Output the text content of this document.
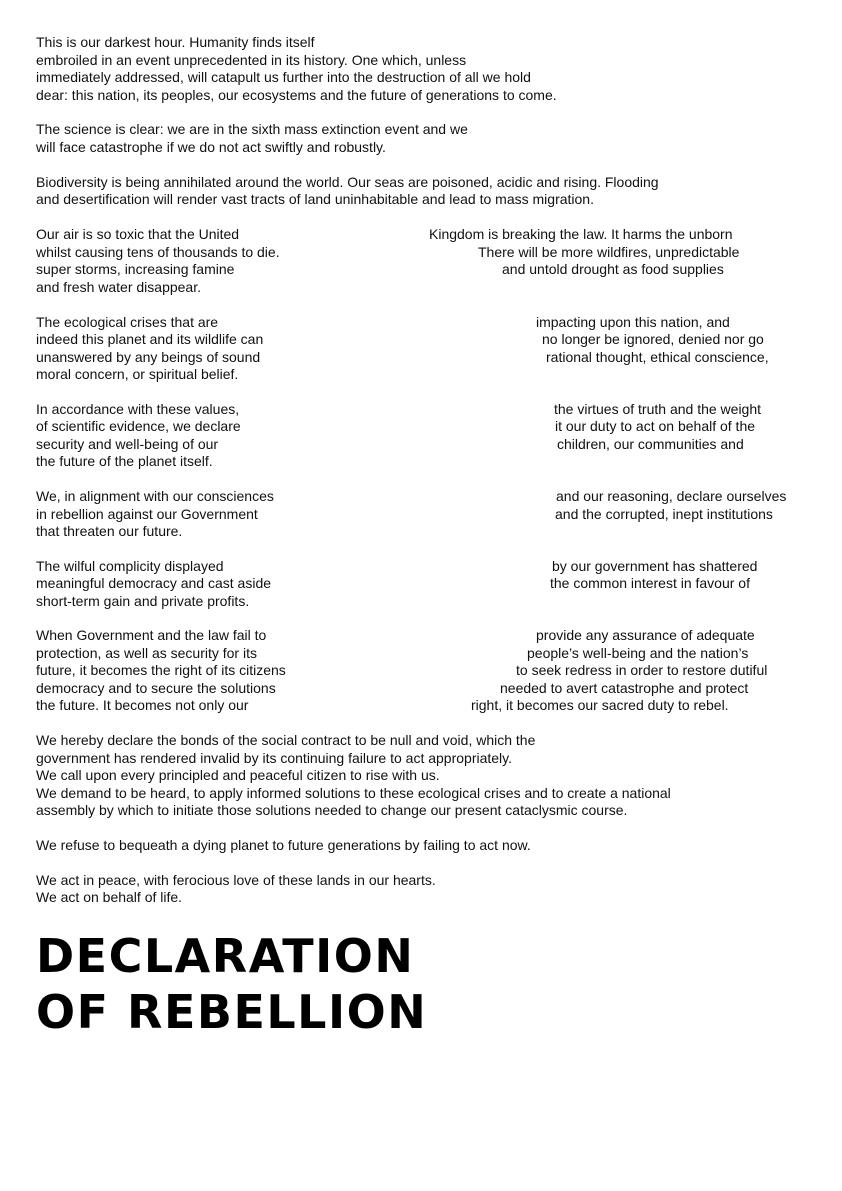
This is our darkest hour. Humanity finds itself
embroiled in an event unprecedented in its history. One which, unless
immediately addressed, will catapult us further into the destruction of all we hold
dear: this nation, its peoples, our ecosystems and the future of generations to come.
The science is clear: we are in the sixth mass extinction event and we
will face catastrophe if we do not act swiftly and robustly.
Biodiversity is being annihilated around the world. Our seas are poisoned, acidic and rising. Flooding
and desertification will render vast tracts of land uninhabitable and lead to mass migration.
Our air is so toxic that the United	Kingdom is breaking the law. It harms the unborn
whilst causing tens of thousands to die.	There will be more wildfires, unpredictable
super storms, increasing famine	and untold drought as food supplies
and fresh water disappear.
The ecological crises that are	impacting upon this nation, and
indeed this planet and its wildlife can	no longer be ignored, denied nor go
unanswered by any beings of sound	rational thought, ethical conscience,
moral concern, or spiritual belief.
In accordance with these values,	the virtues of truth and the weight
of scientific evidence, we declare	it our duty to act on behalf of the
security and well-being of our	children, our communities and
the future of the planet itself.
We, in alignment with our consciences	and our reasoning, declare ourselves
in rebellion against our Government	and the corrupted, inept institutions
that threaten our future.
The wilful complicity displayed	by our government has shattered
meaningful democracy and cast aside	the common interest in favour of
short-term gain and private profits.
When Government and the law fail to	provide any assurance of adequate
protection, as well as security for its	people’s well-being and the nation’s
future, it becomes the right of its citizens	to seek redress in order to restore dutiful
democracy and to secure the solutions	needed to avert catastrophe and protect
the future. It becomes not only our	right, it becomes our sacred duty to rebel.
We hereby declare the bonds of the social contract to be null and void, which the
government has rendered invalid by its continuing failure to act appropriately.
We call upon every principled and peaceful citizen to rise with us.
We demand to be heard, to apply informed solutions to these ecological crises and to create a national
assembly by which to initiate those solutions needed to change our present cataclysmic course.
We refuse to bequeath a dying planet to future generations by failing to act now.
We act in peace, with ferocious love of these lands in our hearts.
We act on behalf of life.
DECLARATION
OF REBELLION
